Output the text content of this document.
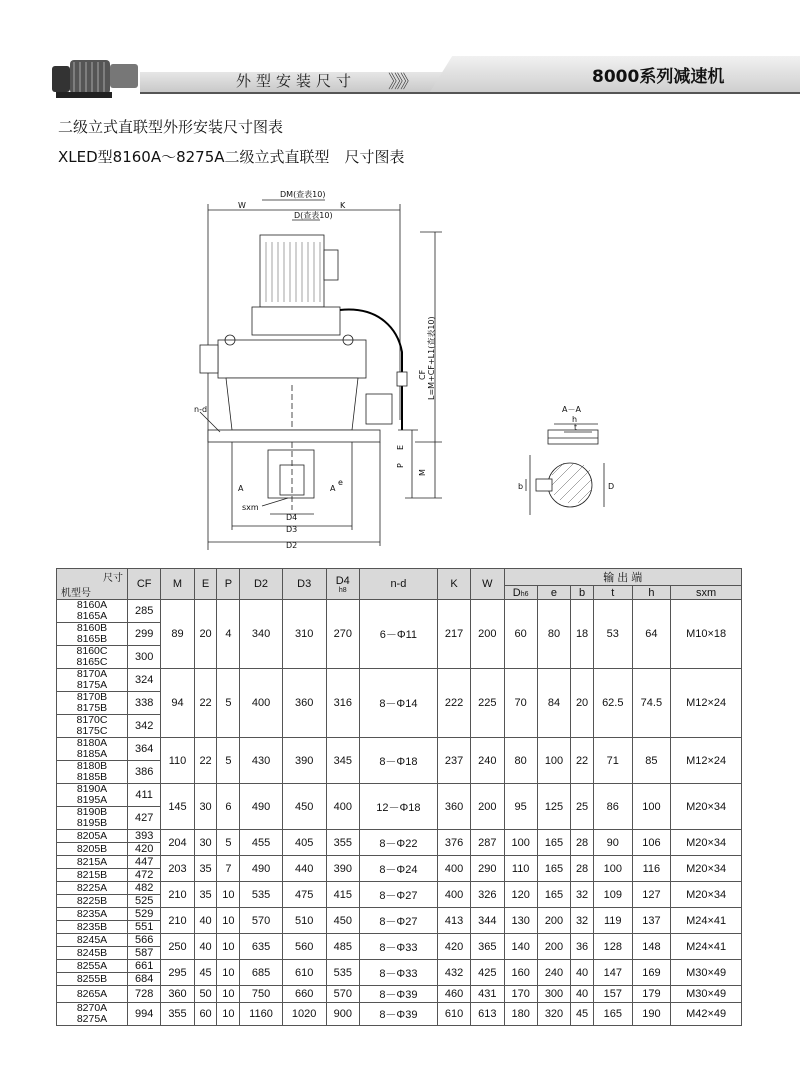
外型安装尺寸 》》》	8000系列减速机
二级立式直联型外形安装尺寸图表
XLED型8160A～8275A二级立式直联型　尺寸图表
W	K
DM(查表10)
D(查表10)
n-d
L=M+CF+L1(查表10)
CF
P
E
M
e
A	A
sxm
D4
D3
D2
A－A
t
h
b	D
尺寸
机型号	CF	M	E	P	D2	D3	D4
h8	n-d	K	W	输 出 端					
											Dh6	e	b	t	h	sxm

8160A
8165A	285	89	20	4	340	310	270	6－Φ11	217	200	60	80	18	53	64	M10×18

8160B
8165B	299															

8160C
8165C	300															

8170A
8175A	324	94	22	5	400	360	316	8－Φ14	222	225	70	84	20	62.5	74.5	M12×24

8170B
8175B	338															

8170C
8175C	342															

8180A
8185A	364	110	22	5	430	390	345	8－Φ18	237	240	80	100	22	71	85	M12×24

8180B
8185B	386															

8190A
8195A	411	145	30	6	490	450	400	12－Φ18	360	200	95	125	25	86	100	M20×34

8190B
8195B	427															

8205A	393	204	30	5	455	405	355	8－Φ22	376	287	100	165	28	90	106	M20×34

8205B	420															

8215A	447	203	35	7	490	440	390	8－Φ24	400	290	110	165	28	100	116	M20×34

8215B	472															

8225A	482	210	35	10	535	475	415	8－Φ27	400	326	120	165	32	109	127	M20×34

8225B	525															

8235A	529	210	40	10	570	510	450	8－Φ27	413	344	130	200	32	119	137	M24×41

8235B	551															

8245A	566	250	40	10	635	560	485	8－Φ33	420	365	140	200	36	128	148	M24×41

8245B	587															

8255A	661	295	45	10	685	610	535	8－Φ33	432	425	160	240	40	147	169	M30×49

8255B	684															

8265A	728	360	50	10	750	660	570	8－Φ39	460	431	170	300	40	157	179	M30×49

8270A
8275A	994	355	60	10	1160	1020	900	8－Φ39	610	613	180	320	45	165	190	M42×49
